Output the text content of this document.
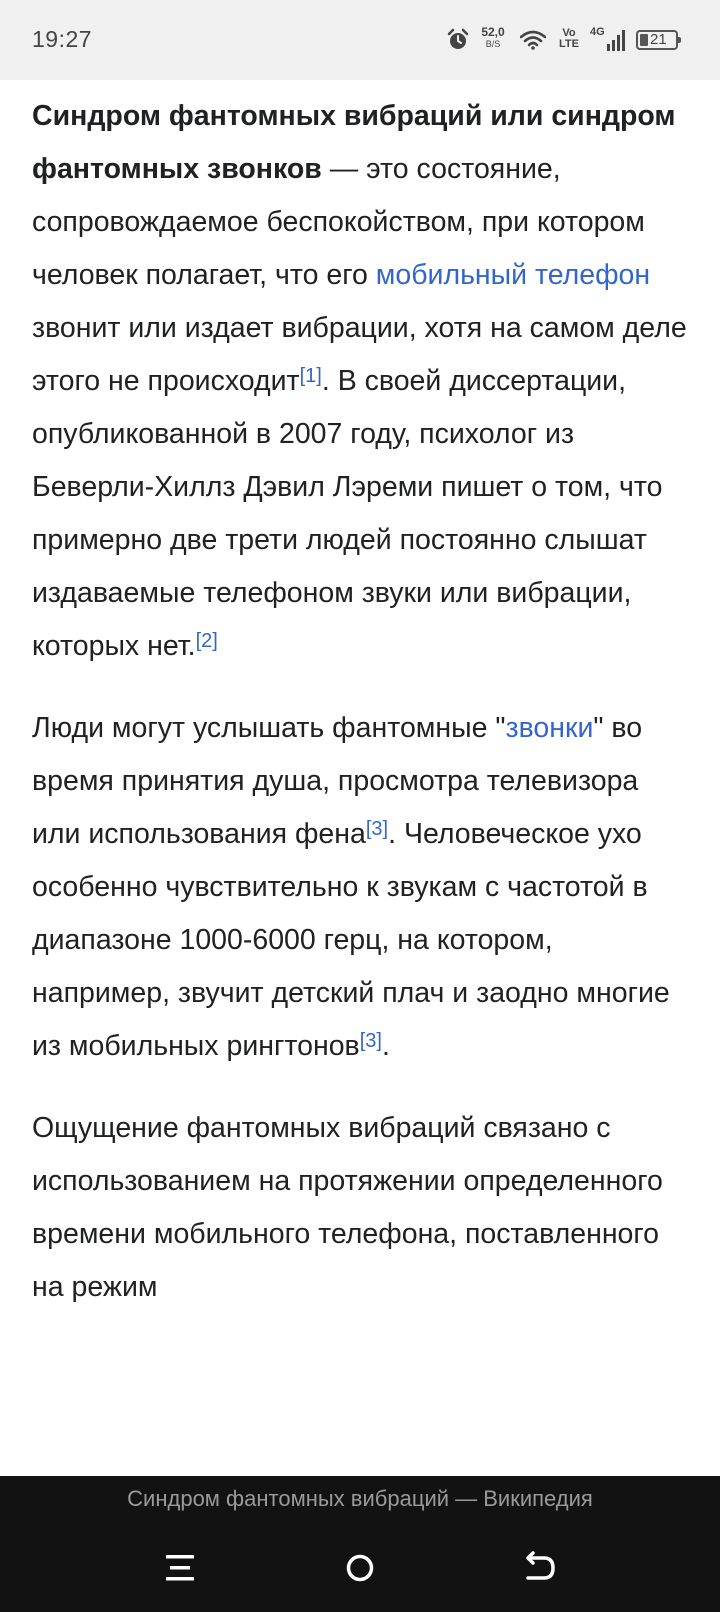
19:27	52,0
B/S
Vo
LTE
4G	21

Синдром фантомных вибраций или синдром фантомных звонков — это состояние, сопровождаемое беспокойством, при котором человек полагает, что его мобильный телефон звонит или издает вибрации, хотя на самом деле этого не происходит[1]. В своей диссертации, опубликованной в 2007 году, психолог из Беверли-Хиллз Дэвил Лэреми пишет о том, что примерно две трети людей постоянно слышат издаваемые телефоном звуки или вибрации, которых нет.[2]

Люди могут услышать фантомные "звонки" во время принятия душа, просмотра телевизора или использования фена[3]. Человеческое ухо особенно чувствительно к звукам с частотой в диапазоне 1000-6000 герц, на котором, например, звучит детский плач и заодно многие из мобильных рингтонов[3].

Ощущение фантомных вибраций связано с использованием на протяжении определенного времени мобильного телефона, поставленного на режим

Синдром фантомных вибраций — Википедия
